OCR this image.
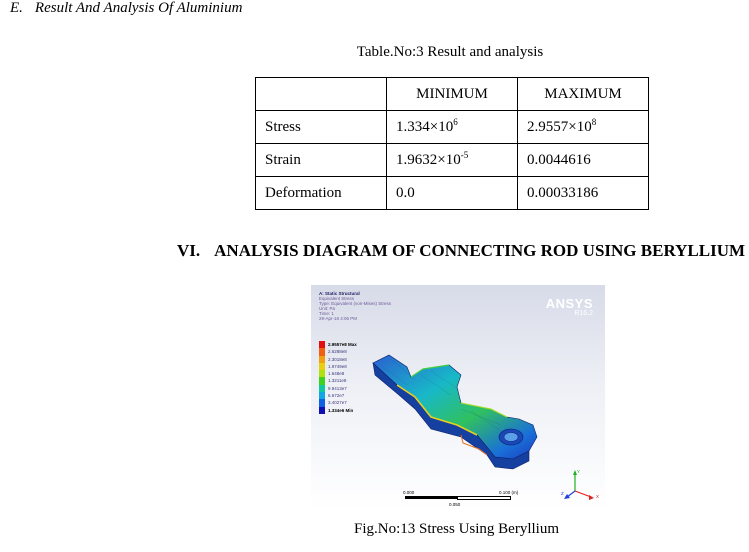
E. Result And Analysis Of Aluminium
Table.No:3 Result and analysis
	MINIMUM	MAXIMUM
Stress	$1.334\times 10^6$	$2.9557\times 10^8$
Strain	$1.9632\times 10^{-5}$	0.0044616
Deformation	0.0	0.00033186
VI. ANALYSIS DIAGRAM OF CONNECTING ROD USING BERYLLIUM
A: Static Structural
Equivalent Stress
Type: Equivalent (von-Mises) Stress
Unit: Pa
Time: 1
29-Apr-18 4:06 PM
2.9557e8 Max
2.6288e8
2.3018e8
1.9749e8
1.648e8
1.3211e8
9.9413e7
6.672e7
3.4027e7
1.334e6 Min
ANSYS
R16.2
0.000
0.050
0.100 (m)
Y
X
Z
Fig.No:13 Stress Using Beryllium
